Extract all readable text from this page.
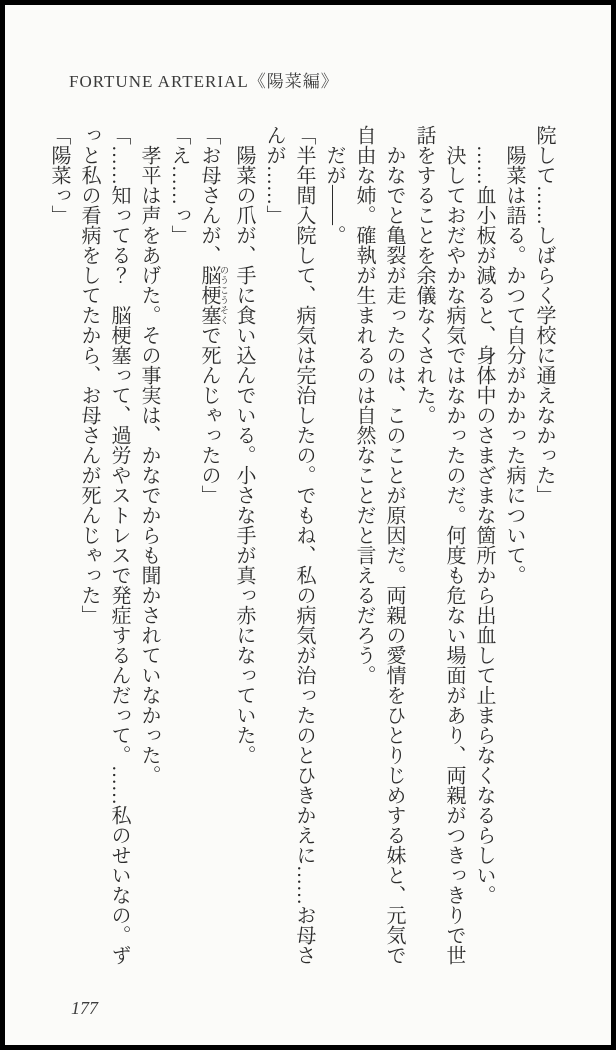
FORTUNE ARTERIAL《陽菜編》

院して……しばらく学校に通えなかった」

陽菜は語る。かつて自分がかかった病について。

……血小板が減ると、身体中のさまざまな箇所から出血して止まらなくなるらしい。

決しておだやかな病気ではなかったのだ。何度も危ない場面があり、両親がつきっきりで世話をすることを余儀なくされた。

かなでと亀裂が走ったのは、このことが原因だ。両親の愛情をひとりじめする妹と、元気で自由な姉。確執が生まれるのは自然なことだと言えるだろう。

だが――。

「半年間入院して、病気は完治したの。でもね、私の病気が治ったのとひきかえに……お母さんが……」

陽菜の爪が、手に食い込んでいる。小さな手が真っ赤になっていた。

「お母さんが、脳梗塞 のうこうそくで死んじゃったの」

「え……っ」

孝平は声をあげた。その事実は、かなでからも聞かされていなかった。

「……知ってる？　脳梗塞って、過労やストレスで発症するんだって。……私のせいなの。ずっと私の看病をしてたから、お母さんが死んじゃった」

「陽菜っ」

177
